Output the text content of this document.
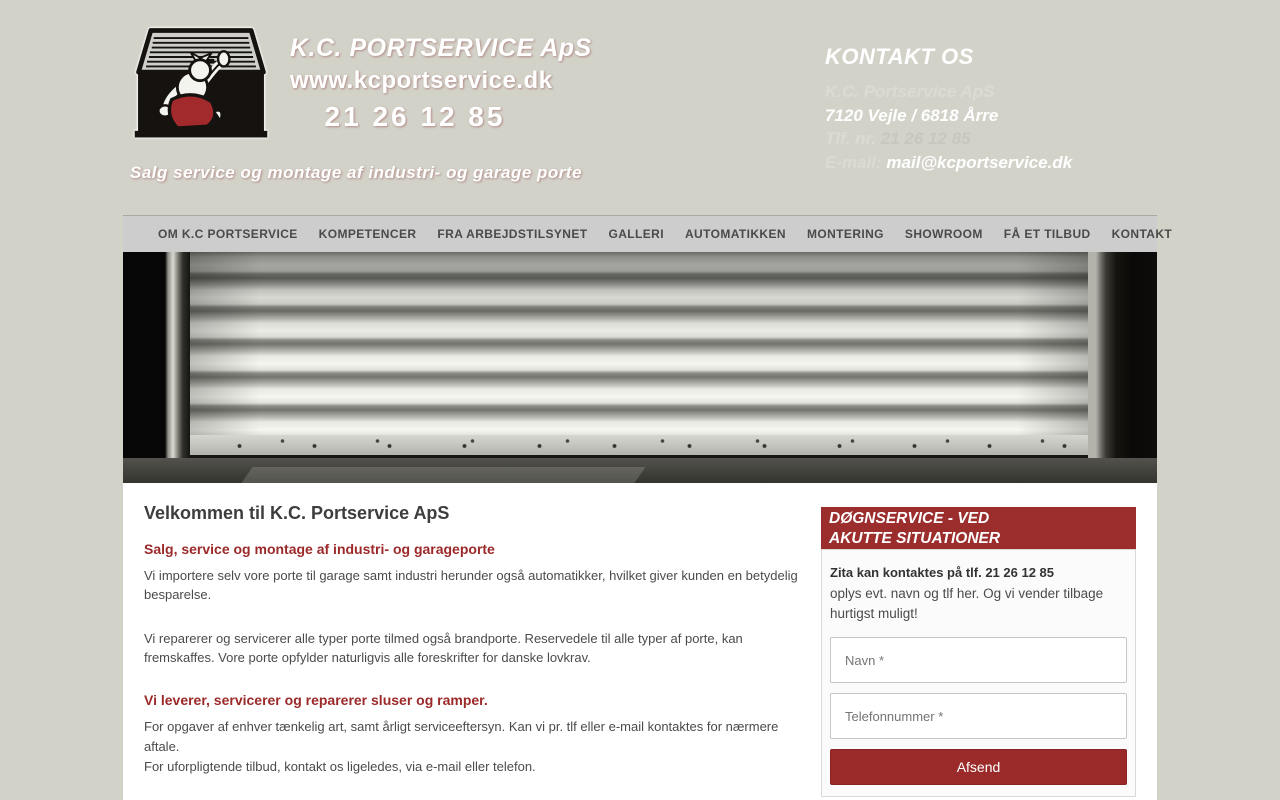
K.C. PORTSERVICE ApS
www.kcportservice.dk
21 26 12 85
Salg service og montage af industri- og garage porte
KONTAKT OS
K.C. Portservice ApS
7120 Vejle / 6818 Årre
Tlf. nr. 21 26 12 85
E-mail: mail@kcportservice.dk
OM K.C PORTSERVICE KOMPETENCER FRA ARBEJDSTILSYNET GALLERI AUTOMATIKKEN MONTERING SHOWROOM FÅ ET TILBUD KONTAKT
Velkommen til K.C. Portservice ApS
Salg, service og montage af industri- og garageporte

Vi importere selv vore porte til garage samt industri herunder også automatikker, hvilket giver kunden en betydelig besparelse.

Vi reparerer og servicerer alle typer porte tilmed også brandporte. Reservedele til alle typer af porte, kan fremskaffes. Vore porte opfylder naturligvis alle foreskrifter for danske lovkrav.

Vi leverer, servicerer og reparerer sluser og ramper.

For opgaver af enhver tænkelig art, samt årligt serviceeftersyn. Kan vi pr. tlf eller e-mail kontaktes for nærmere aftale.

For uforpligtende tilbud, kontakt os ligeledes, via e-mail eller telefon.

DØGNSERVICE - VED
AKUTTE SITUATIONER
Zita kan kontaktes på tlf. 21 26 12 85
oplys evt. navn og tlf her. Og vi vender tilbage hurtigst muligt!
Navn *
Telefonnummer *
Afsend
